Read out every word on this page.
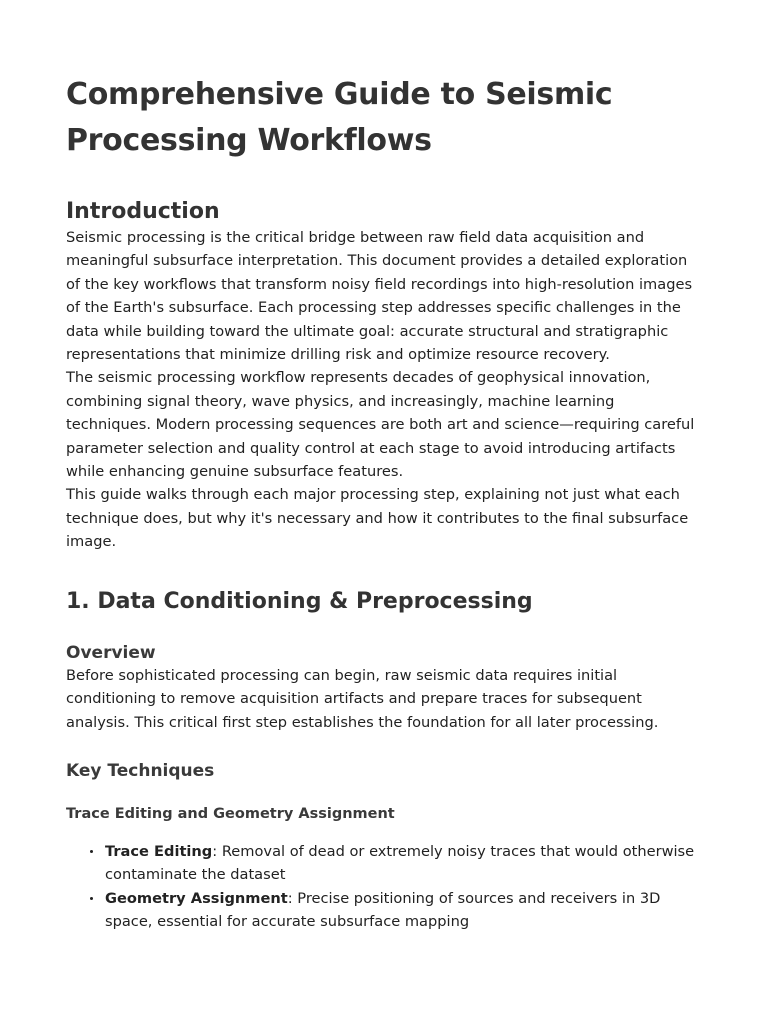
Comprehensive Guide to Seismic Processing Workflows
Introduction

Seismic processing is the critical bridge between raw field data acquisition and meaningful subsurface interpretation. This document provides a detailed exploration of the key workflows that transform noisy field recordings into high-resolution images of the Earth's subsurface. Each processing step addresses specific challenges in the data while building toward the ultimate goal: accurate structural and stratigraphic representations that minimize drilling risk and optimize resource recovery.

The seismic processing workflow represents decades of geophysical innovation, combining signal theory, wave physics, and increasingly, machine learning techniques. Modern processing sequences are both art and science—requiring careful parameter selection and quality control at each stage to avoid introducing artifacts while enhancing genuine subsurface features.

This guide walks through each major processing step, explaining not just what each technique does, but why it's necessary and how it contributes to the final subsurface image.

1. Data Conditioning & Preprocessing
Overview

Before sophisticated processing can begin, raw seismic data requires initial conditioning to remove acquisition artifacts and prepare traces for subsequent analysis. This critical first step establishes the foundation for all later processing.

Key Techniques
Trace Editing and Geometry Assignment
Trace Editing: Removal of dead or extremely noisy traces that would otherwise contaminate the dataset
Geometry Assignment: Precise positioning of sources and receivers in 3D space, essential for accurate subsurface mapping
